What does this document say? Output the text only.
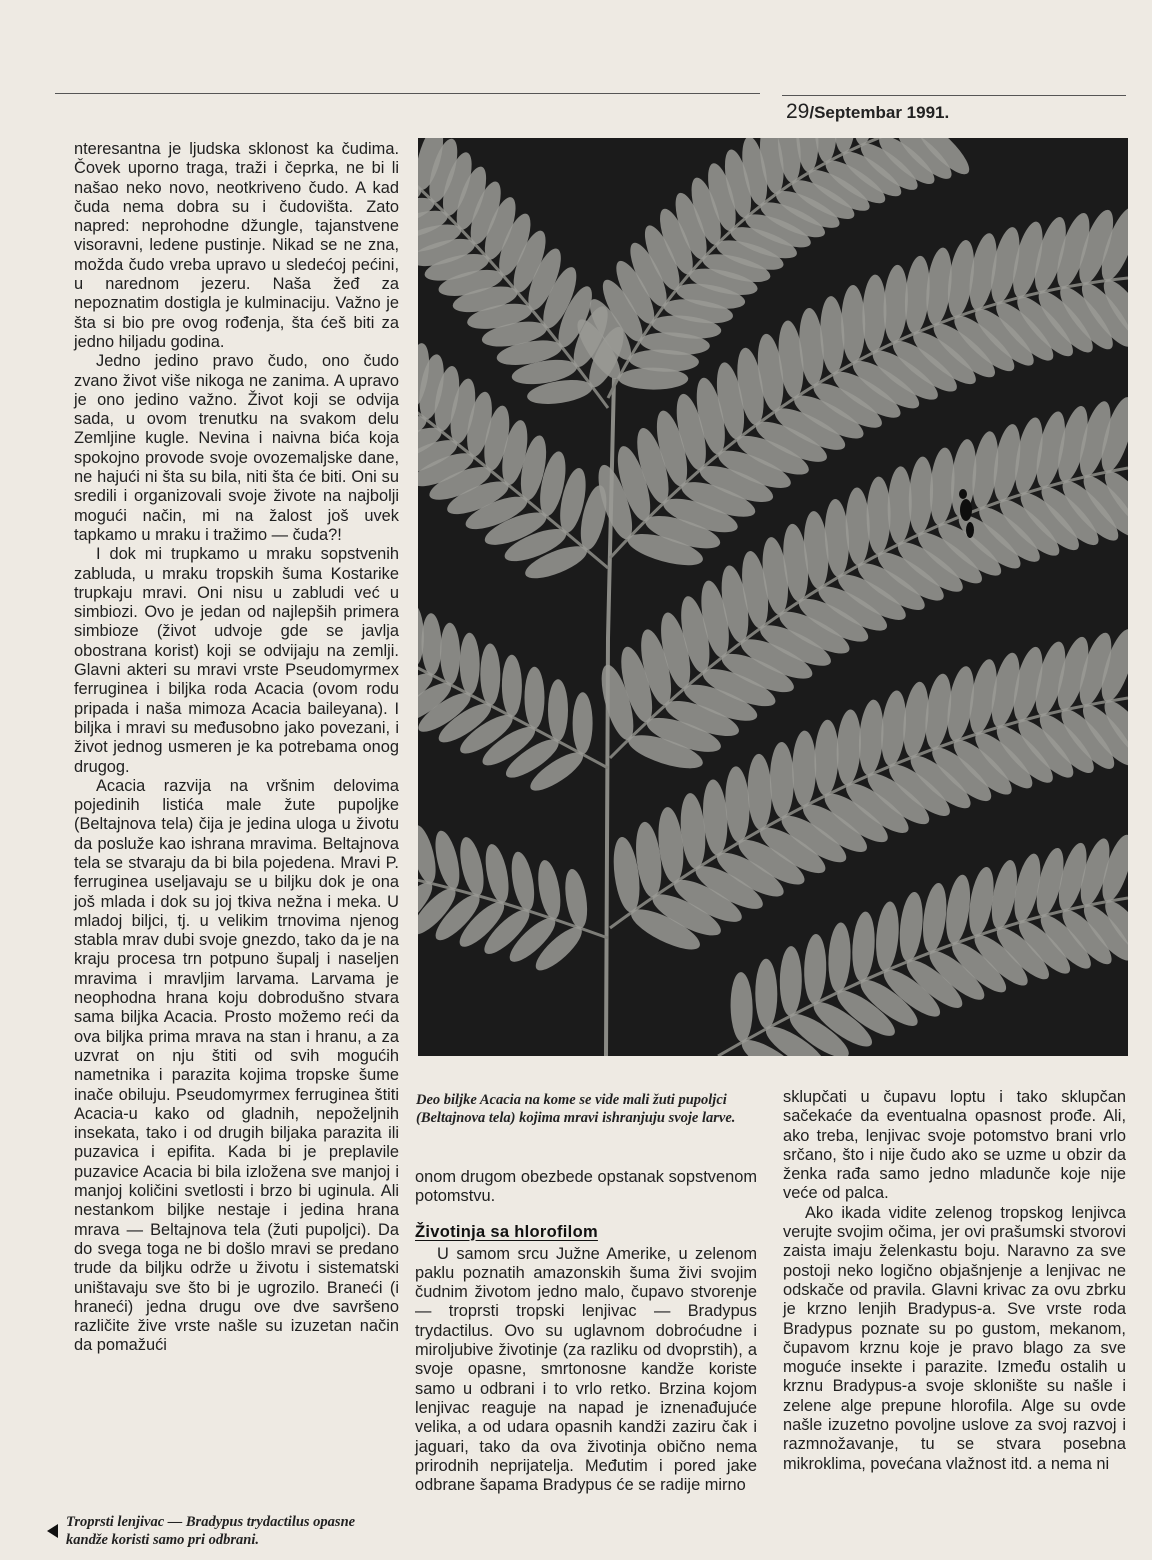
29/Septembar 1991.

nteresantna je ljudska sklonost ka čudima. Čovek uporno traga, traži i čeprka, ne bi li našao neko novo, neotkriveno čudo. A kad čuda nema dobra su i čudovišta. Zato napred: neprohodne džungle, tajanstvene visoravni, ledene pustinje. Nikad se ne zna, možda čudo vreba upravo u sledećoj pećini, u narednom jezeru. Naša žeđ za nepoznatim dostigla je kulminaciju. Važno je šta si bio pre ovog rođenja, šta ćeš biti za jedno hiljadu godina.

Jedno jedino pravo čudo, ono čudo zvano život više nikoga ne zanima. A upravo je ono jedino važno. Život koji se odvija sada, u ovom trenutku na svakom delu Zemljine kugle. Nevina i naivna bića koja spokojno provode svoje ovozemaljske dane, ne hajući ni šta su bila, niti šta će biti. Oni su sredili i organizovali svoje živote na najbolji mogući način, mi na žalost još uvek tapkamo u mraku i tražimo — čuda?!

I dok mi trupkamo u mraku sopstvenih zabluda, u mraku tropskih šuma Kostarike trupkaju mravi. Oni nisu u zabludi već u simbiozi. Ovo je jedan od najlepših primera simbioze (život udvoje gde se javlja obostrana korist) koji se odvijaju na zemlji. Glavni akteri su mravi vrste Pseudomyrmex ferruginea i biljka roda Acacia (ovom rodu pripada i naša mimoza Acacia baileyana). I biljka i mravi su međusobno jako povezani, i život jednog usmeren je ka potrebama onog drugog.

Acacia razvija na vršnim delovima pojedinih listića male žute pupoljke (Beltajnova tela) čija je jedina uloga u životu da posluže kao ishrana mravima. Beltajnova tela se stvaraju da bi bila pojedena. Mravi P. ferruginea useljavaju se u biljku dok je ona još mlada i dok su joj tkiva nežna i meka. U mladoj biljci, tj. u velikim trnovima njenog stabla mrav dubi svoje gnezdo, tako da je na kraju procesa trn potpuno šupalj i naseljen mravima i mravljim larvama. Larvama je neophodna hrana koju dobrodušno stvara sama biljka Acacia. Prosto možemo reći da ova biljka prima mrava na stan i hranu, a za uzvrat on nju štiti od svih mogućih nametnika i parazita kojima tropske šume inače obiluju. Pseudomyrmex ferruginea štiti Acacia-u kako od gladnih, nepoželjnih insekata, tako i od drugih biljaka parazita ili puzavica i epifita. Kada bi je preplavile puzavice Acacia bi bila izložena sve manjoj i manjoj količini svetlosti i brzo bi uginula. Ali nestankom biljke nestaje i jedina hrana mrava — Beltajnova tela (žuti pupoljci). Da do svega toga ne bi došlo mravi se predano trude da biljku održe u životu i sistematski uništavaju sve što bi je ugrozilo. Braneći (i hraneći) jedna drugu ove dve savršeno različite žive vrste našle su izuzetan način da pomažući

Deo biljke Acacia na kome se vide mali žuti pupoljci (Beltajnova tela) kojima mravi ishranjuju svoje larve.
Troprsti lenjivac — Bradypus trydactilus opasne kandže koristi samo pri odbrani.

onom drugom obezbede opstanak sopstvenom potomstvu.

Životinja sa hlorofilom

U samom srcu Južne Amerike, u zelenom paklu poznatih amazonskih šuma živi svojim čudnim životom jedno malo, čupavo stvorenje — troprsti tropski lenjivac — Bradypus trydactilus. Ovo su uglavnom dobroćudne i miroljubive životinje (za razliku od dvoprstih), a svoje opasne, smrtonosne kandže koriste samo u odbrani i to vrlo retko. Brzina kojom lenjivac reaguje na napad je iznenađujuće velika, a od udara opasnih kandži zaziru čak i jaguari, tako da ova životinja obično nema prirodnih neprijatelja. Međutim i pored jake odbrane šapama Bradypus će se radije mirno

sklupčati u čupavu loptu i tako sklupčan sačekaće da eventualna opasnost prođe. Ali, ako treba, lenjivac svoje potomstvo brani vrlo srčano, što i nije čudo ako se uzme u obzir da ženka rađa samo jedno mladunče koje nije veće od palca.

Ako ikada vidite zelenog tropskog lenjivca verujte svojim očima, jer ovi prašumski stvorovi zaista imaju želenkastu boju. Naravno za sve postoji neko logično objašnjenje a lenjivac ne odskače od pravila. Glavni krivac za ovu zbrku je krzno lenjih Bradypus-a. Sve vrste roda Bradypus poznate su po gustom, mekanom, čupavom krznu koje je pravo blago za sve moguće insekte i parazite. Između ostalih u krznu Bradypus-a svoje sklonište su našle i zelene alge prepune hlorofila. Alge su ovde našle izuzetno povoljne uslove za svoj razvoj i razmnožavanje, tu se stvara posebna mikroklima, povećana vlažnost itd. a nema ni
